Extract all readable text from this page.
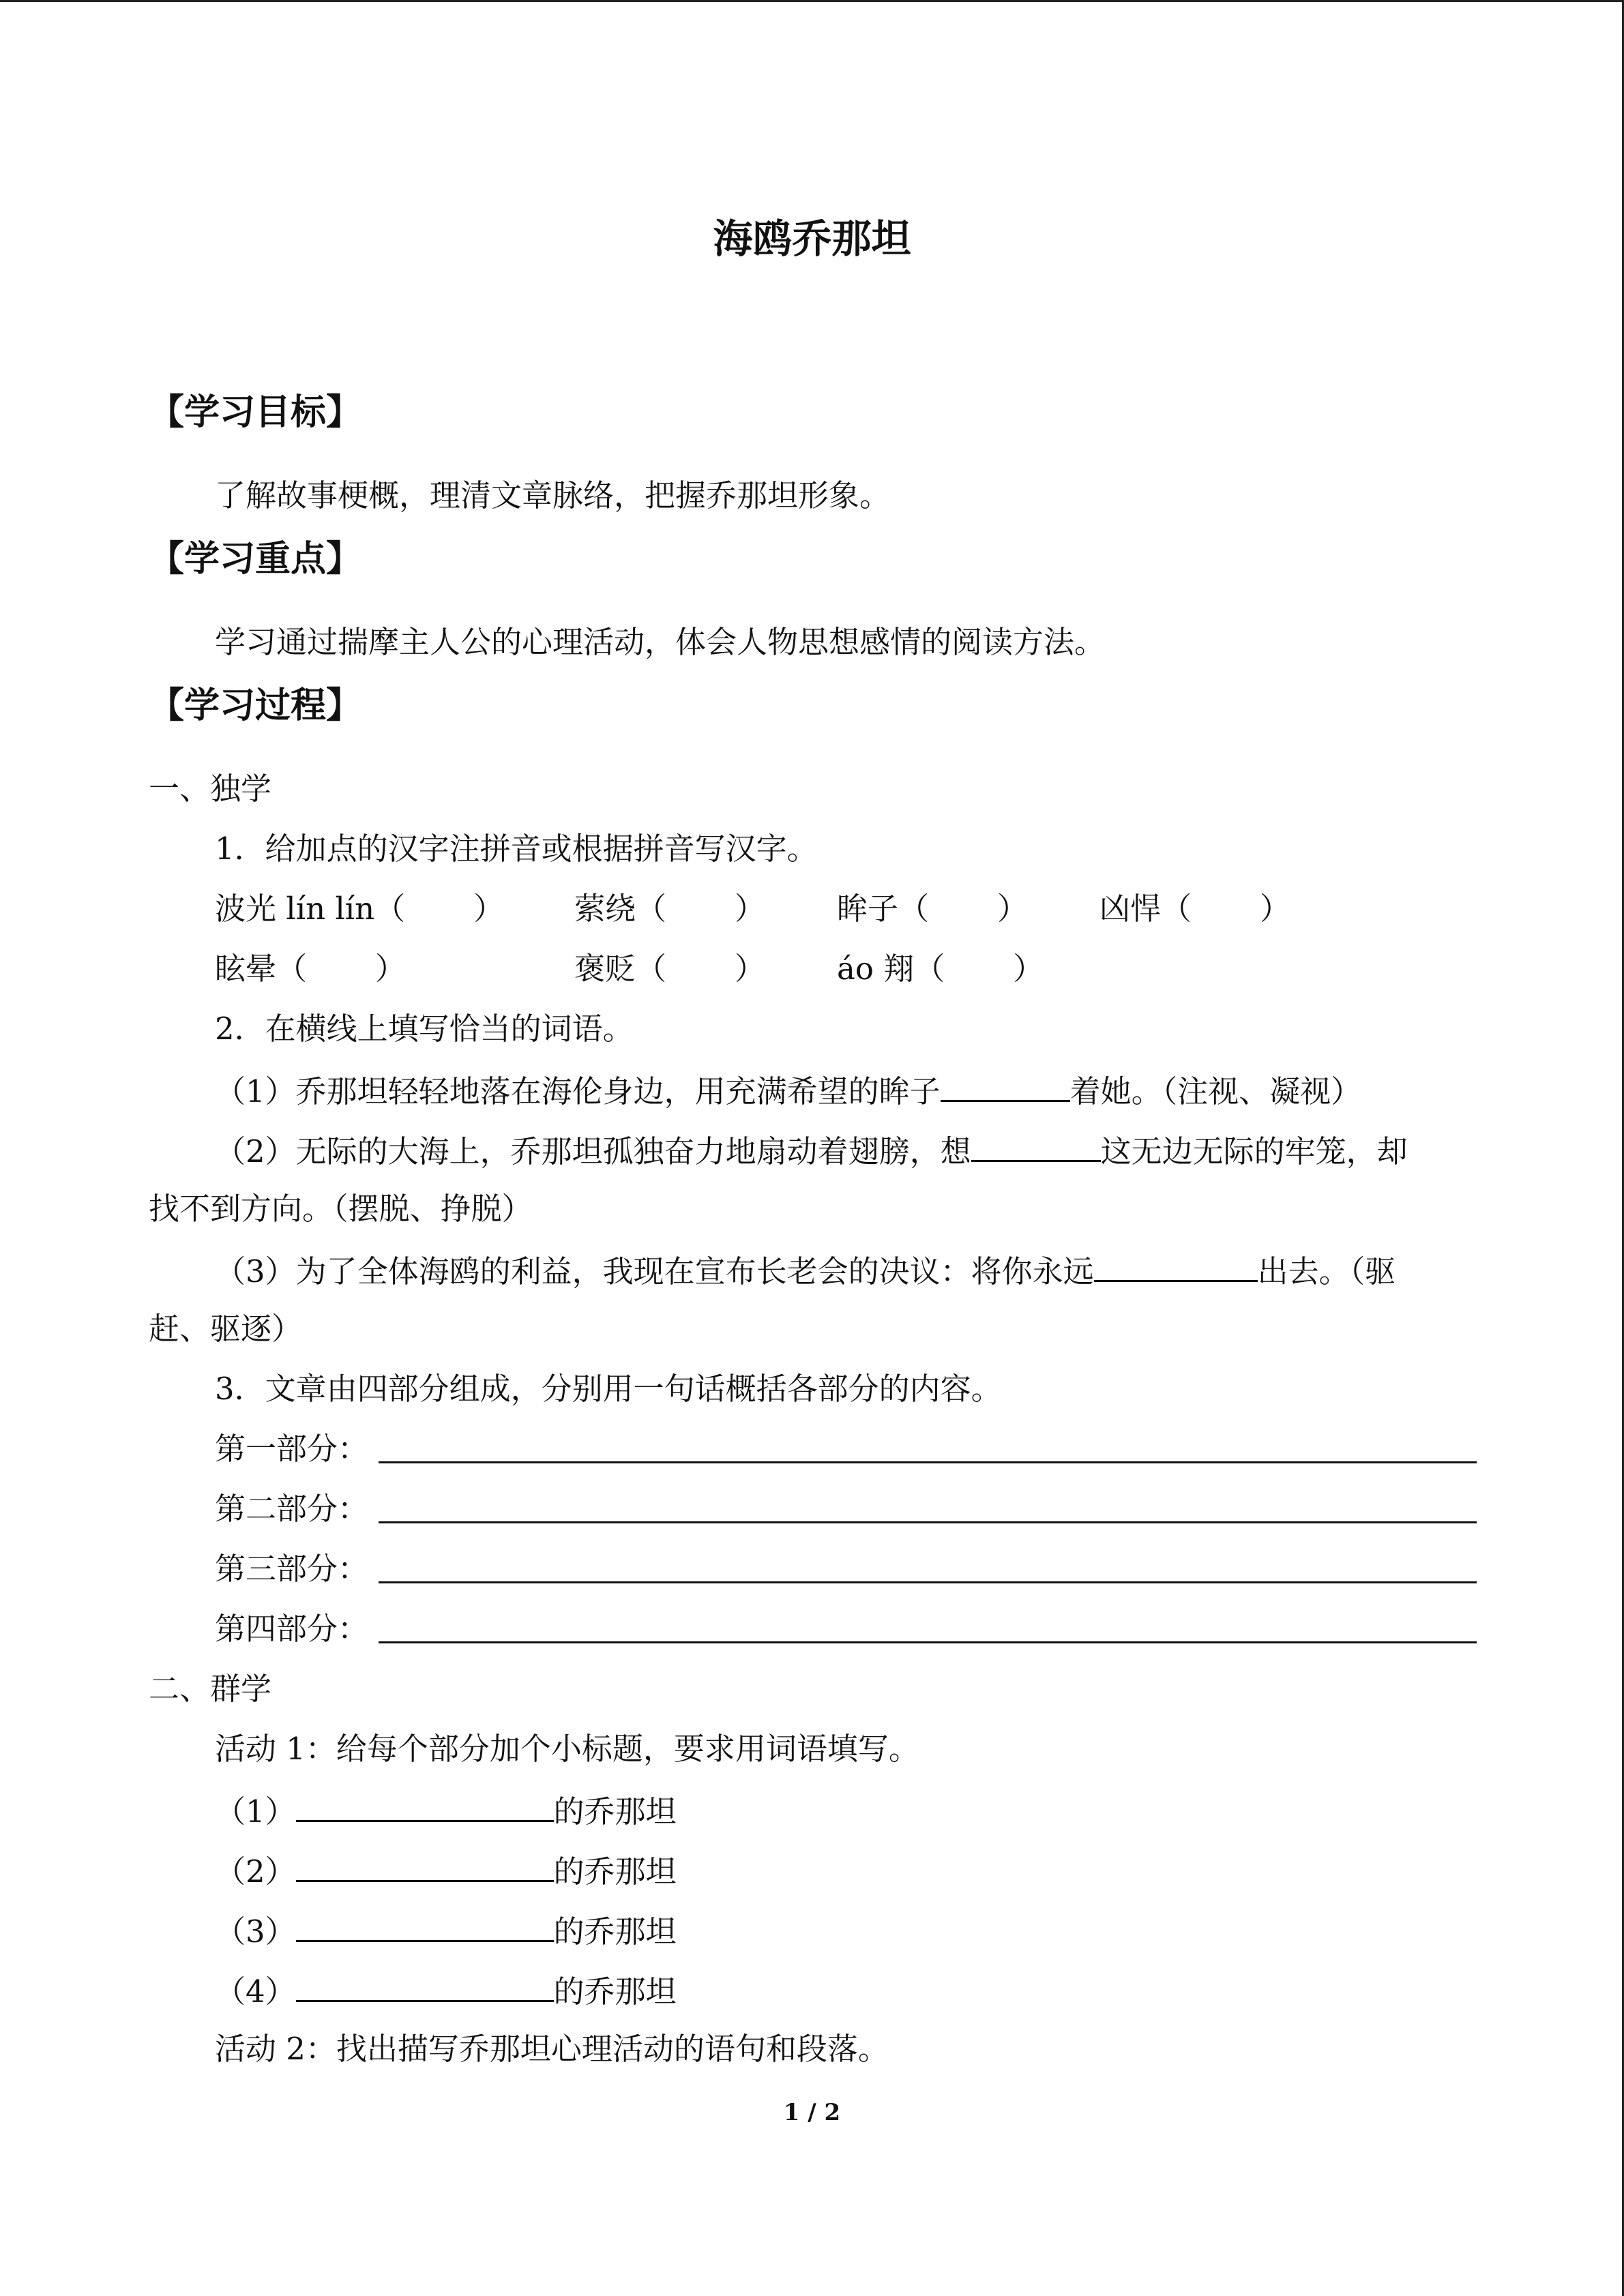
海鸥乔那坦
【学习目标】
了解故事梗概，理清文章脉络，把握乔那坦形象。
【学习重点】
学习通过揣摩主人公的心理活动，体会人物思想感情的阅读方法。
【学习过程】
一、独学
1．给加点的汉字注拼音或根据拼音写汉字。
波光 lín lín（ ） 萦绕（ ） 眸子（ ） 凶悍（ ）
眩晕（ ）	褒贬（ ） áo 翔（ ）
2．在横线上填写恰当的词语。
（1）乔那坦轻轻地落在海伦身边，用充满希望的眸子	着她。（注视、凝视）
（2）无际的大海上，乔那坦孤独奋力地扇动着翅膀，想	这无边无际的牢笼，却
找不到方向。（摆脱、挣脱）
（3）为了全体海鸥的利益，我现在宣布长老会的决议：将你永远	出去。（驱
赶、驱逐）
3．文章由四部分组成，分别用一句话概括各部分的内容。
第一部分：
第二部分：
第三部分：
第四部分：
二、群学
活动 1：给每个部分加个小标题，要求用词语填写。
（1）	的乔那坦
（2）	的乔那坦
（3）	的乔那坦
（4）	的乔那坦
活动 2：找出描写乔那坦心理活动的语句和段落。
1 / 2
